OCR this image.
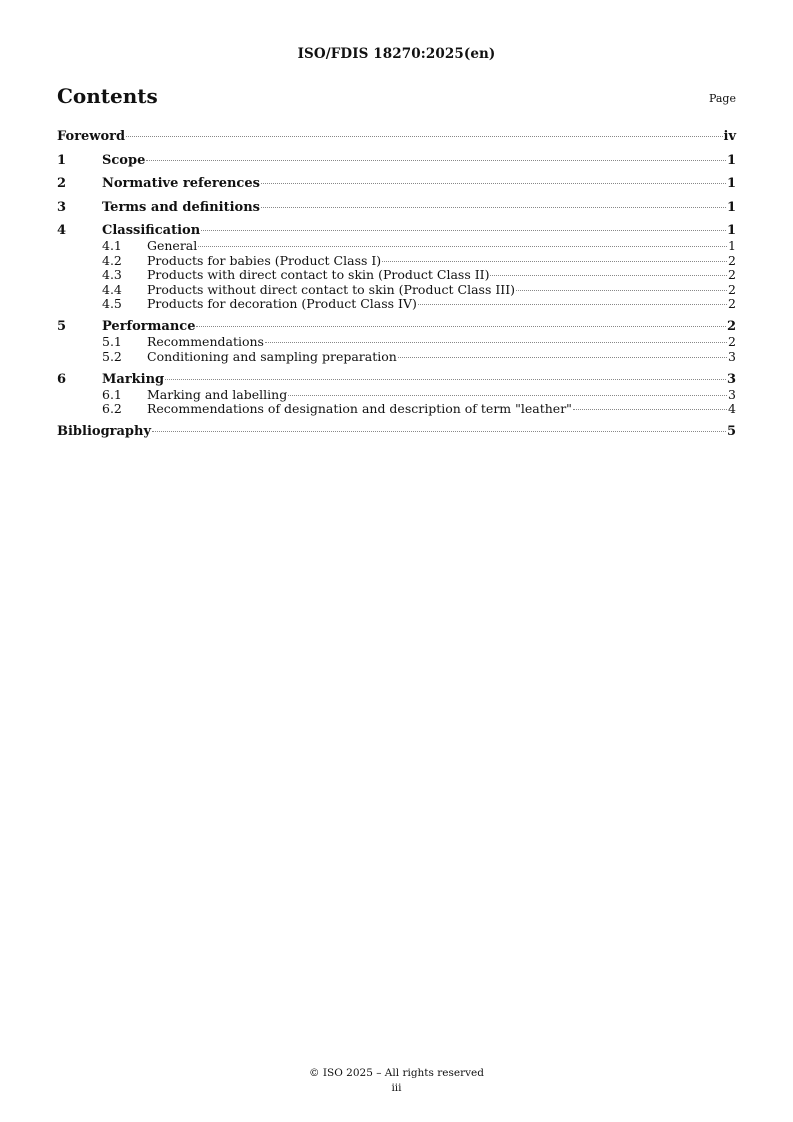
ISO/FDIS 18270:2025(en)
Contents	Page
Foreword	iv
1	Scope	1
2	Normative references	1
3	Terms and definitions	1
4	Classification	1
4.1	General	1
4.2	Products for babies (Product Class I)	2
4.3	Products with direct contact to skin (Product Class II)	2
4.4	Products without direct contact to skin (Product Class III)	2
4.5	Products for decoration (Product Class IV)	2
5	Performance	2
5.1	Recommendations	2
5.2	Conditioning and sampling preparation	3
6	Marking	3
6.1	Marking and labelling	3
6.2	Recommendations of designation and description of term "leather"	4
Bibliography	5
© ISO 2025 – All rights reserved
iii
